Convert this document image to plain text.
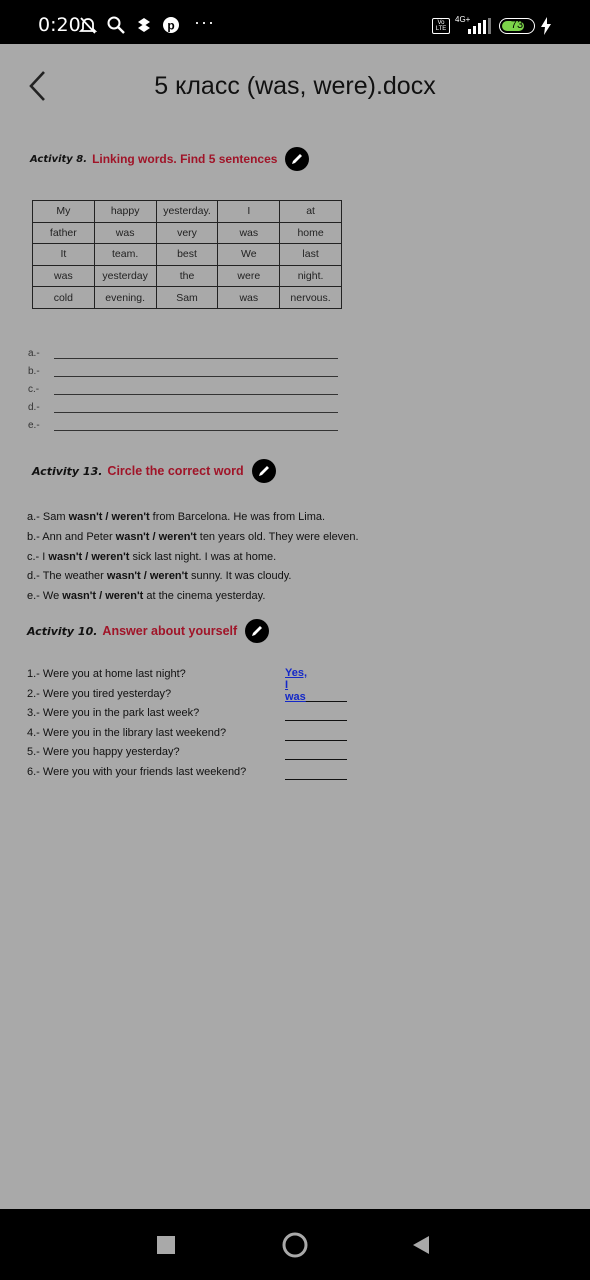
0:20	p ···	Vo LTE
4G+	73
5 класс (was, were).docx
Activity 8. Linking words. Find 5 sentences
My	happy	yesterday.	I	at
father	was	very	was	home
It	team.	best	We	last
was	yesterday	the	were	night.
cold	evening.	Sam	was	nervous.
a.-
b.-
c.-
d.-
e.-
Activity 13. Circle the correct word
a.- Sam wasn't / weren't from Barcelona. He was from Lima.
b.- Ann and Peter wasn't / weren't ten years old. They were eleven.
c.- I wasn't / weren't sick last night. I was at home.
d.- The weather wasn't / weren't sunny. It was cloudy.
e.- We wasn't / weren't at the cinema yesterday.
Activity 10. Answer about yourself
1.- Were you at home last night?
2.- Were you tired yesterday?
3.- Were you in the park last week?
4.- Were you in the library last weekend?
5.- Were you happy yesterday?
6.- Were you with your friends last weekend?
Yes, I was
